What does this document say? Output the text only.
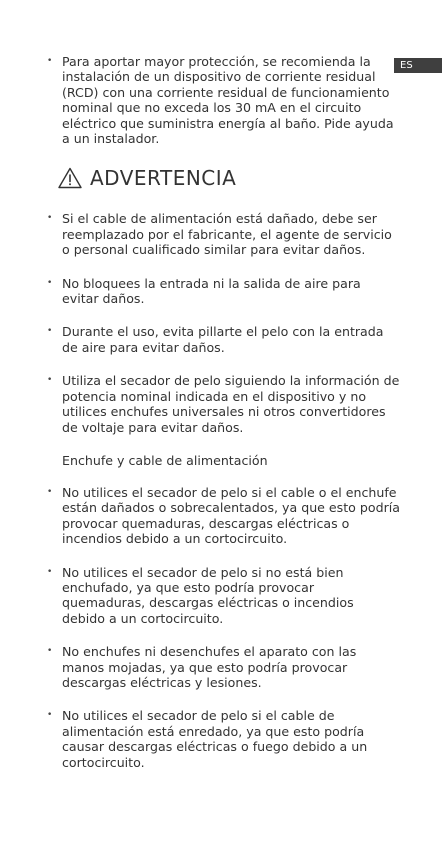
ES
• Para aportar mayor protección, se recomienda la instalación de un dispositivo de corriente residual (RCD) con una corriente residual de funcionamiento nominal que no exceda los 30 mA en el circuito eléctrico que suministra energía al baño. Pide ayuda a un instalador.
ADVERTENCIA
• Si el cable de alimentación está dañado, debe ser reemplazado por el fabricante, el agente de servicio o personal cualificado similar para evitar daños.
• No bloquees la entrada ni la salida de aire para evitar daños.
• Durante el uso, evita pillarte el pelo con la entrada de aire para evitar daños.
• Utiliza el secador de pelo siguiendo la información de potencia nominal indicada en el dispositivo y no utilices enchufes universales ni otros convertidores de voltaje para evitar daños.
Enchufe y cable de alimentación
• No utilices el secador de pelo si el cable o el enchufe están dañados o sobrecalentados, ya que esto podría provocar quemaduras, descargas eléctricas o incendios debido a un cortocircuito.
• No utilices el secador de pelo si no está bien enchufado, ya que esto podría provocar quemaduras, descargas eléctricas o incendios debido a un cortocircuito.
• No enchufes ni desenchufes el aparato con las manos mojadas, ya que esto podría provocar descargas eléctricas y lesiones.
• No utilices el secador de pelo si el cable de alimentación está enredado, ya que esto podría causar descargas eléctricas o fuego debido a un cortocircuito.
